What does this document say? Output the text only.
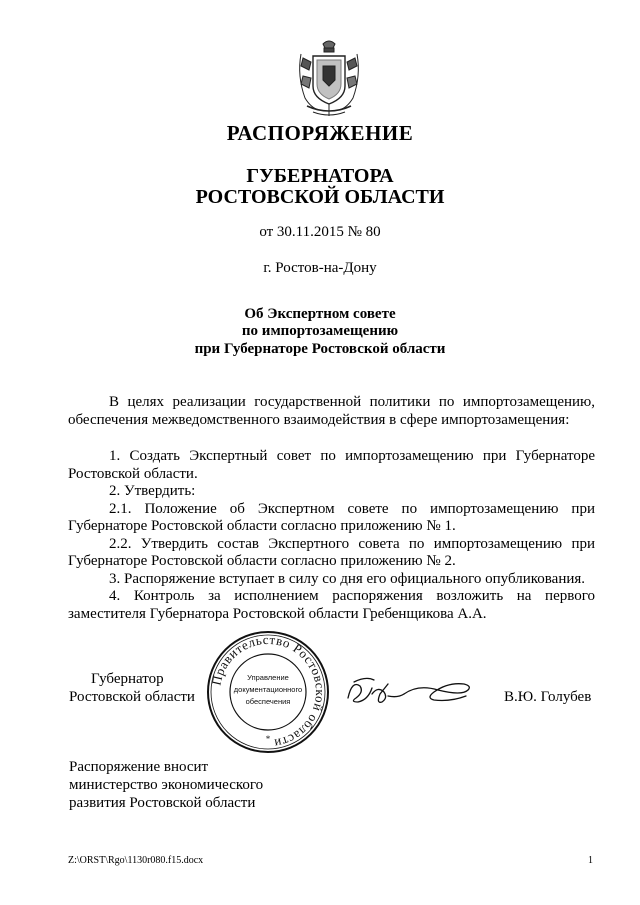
РАСПОРЯЖЕНИЕ
ГУБЕРНАТОРА
РОСТОВСКОЙ ОБЛАСТИ
от 30.11.2015 № 80
г. Ростов-на-Дону
Об Экспертном совете
по импортозамещению
при Губернаторе Ростовской области
В целях реализации государственной политики по импортозамещению, обеспечения межведомственного взаимодействия в сфере импортозамещения:
1. Создать Экспертный совет по импортозамещению при Губернаторе Ростовской области.
2. Утвердить:
2.1. Положение об Экспертном совете по импортозамещению при Губернаторе Ростовской области согласно приложению № 1.
2.2. Утвердить состав Экспертного совета по импортозамещению при Губернаторе Ростовской области согласно приложению № 2.
3. Распоряжение вступает в силу со дня его официального опубликования.
4. Контроль за исполнением распоряжения возложить на первого заместителя Губернатора Ростовской области Гребенщикова А.А.
Губернатор
Ростовской области
Правительство Ростовской области
Управление
документационного
обеспечения
*
В.Ю. Голубев
Распоряжение вносит
министерство экономического
развития Ростовской области
Z:\ORST\Rgo\1130r080.f15.docx	1
